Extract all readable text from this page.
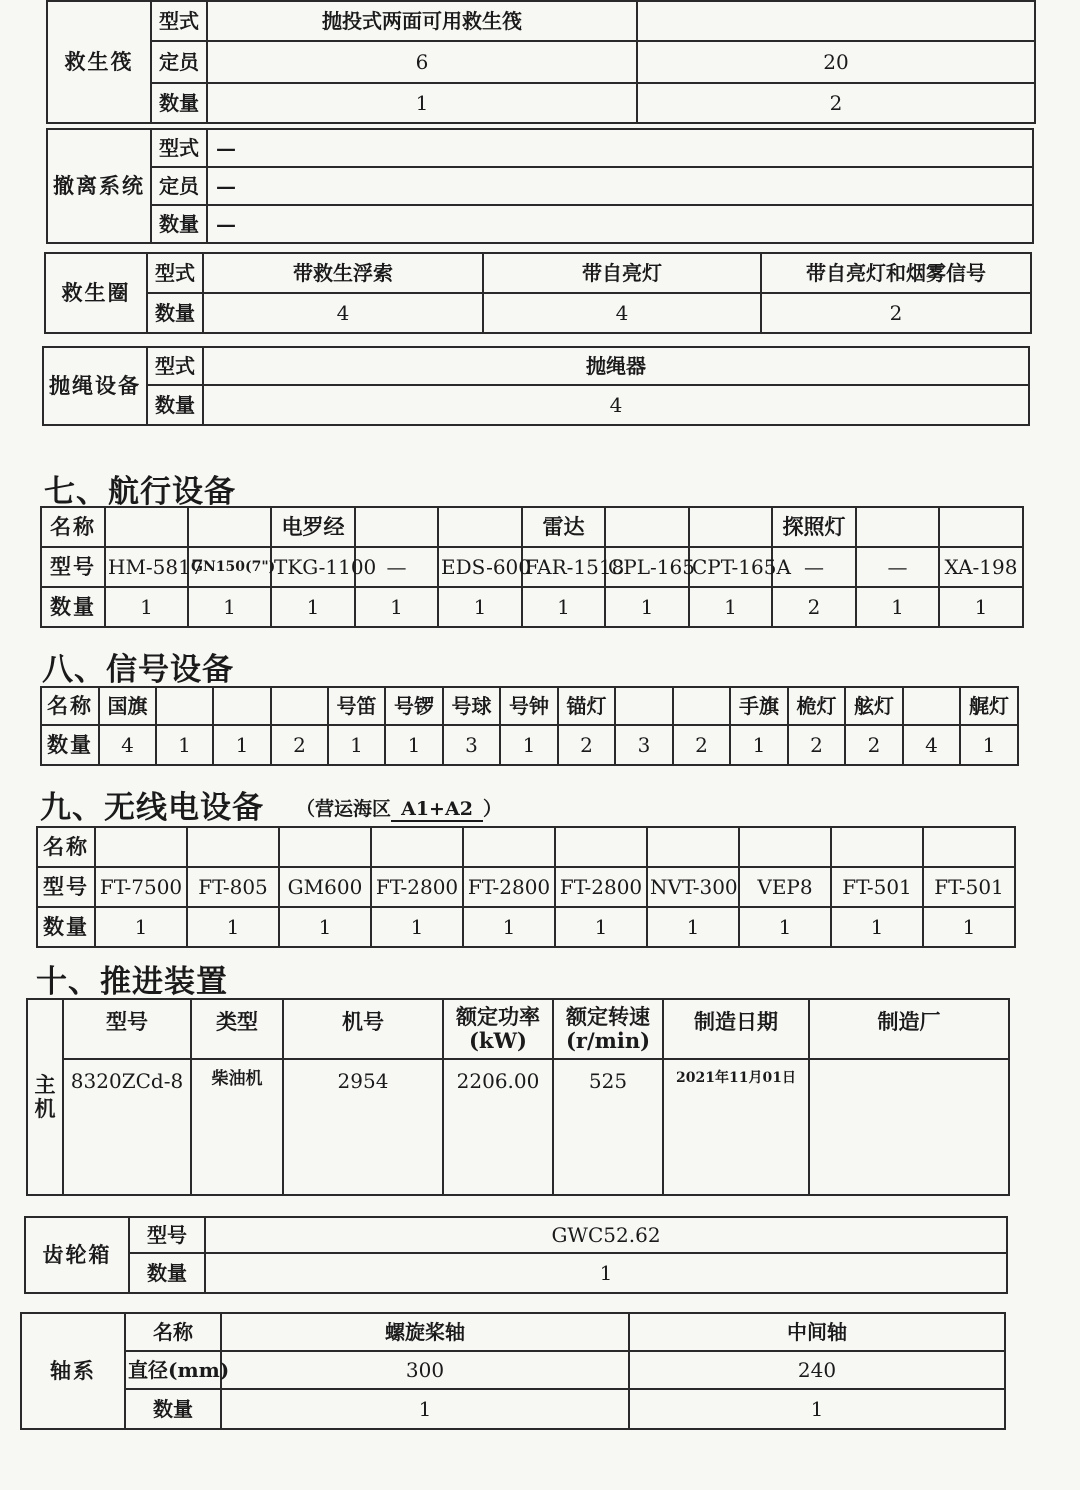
救生筏	型式	抛投式两面可用救生筏	
	定员	6	20
	数量	1	2
撤离系统	型式	—
	定员	—
	数量	—
救生圈	型式	带救生浮索	带自亮灯	带自亮灯和烟雾信号
	数量	4	4	2
抛绳设备	型式	抛绳器
	数量	4
七、航行设备
名称			电罗经			雷达			探照灯		
型号	HM-5817	GN150(7")	TKG-1100	—	EDS-600	FAR-1518	CPL-165	CPT-165A	—	—	XA-198
数量	1	1	1	1	1	1	1	1	2	1	1
八、信号设备
名称	国旗				号笛	号锣	号球	号钟	锚灯			手旗	桅灯	舷灯		艉灯
数量	4	1	1	2	1	1	3	1	2	3	2	1	2	2	4	1
九、无线电设备 （营运海区 A1+A2 ）
名称										
型号	FT-7500	FT-805	GM600	FT-2800	FT-2800	FT-2800	NVT-300	VEP8	FT-501	FT-501
数量	1	1	1	1	1	1	1	1	1	1
十、推进装置
主机	型号	类型	机号	额定功率(kW)	额定转速(r/min)	制造日期	制造厂
	8320ZCd-8	柴油机	2954	2206.00	525	2021年11月01日	
齿轮箱	型号	GWC52.62
	数量	1
轴系	名称	螺旋桨轴	中间轴
	直径(mm)	300	240
	数量	1	1
